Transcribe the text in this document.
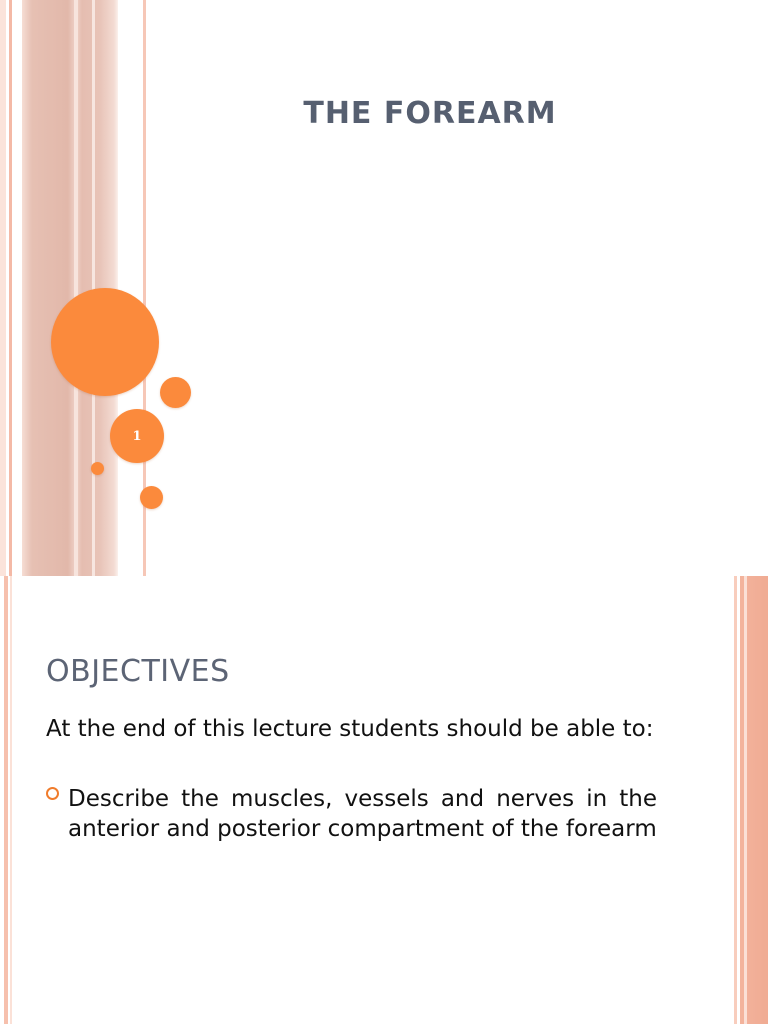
1
THE FOREARM
OBJECTIVES

At the end of this lecture students should be able to:

Describe the muscles, vessels and nerves in the anterior and posterior compartment of the forearm
